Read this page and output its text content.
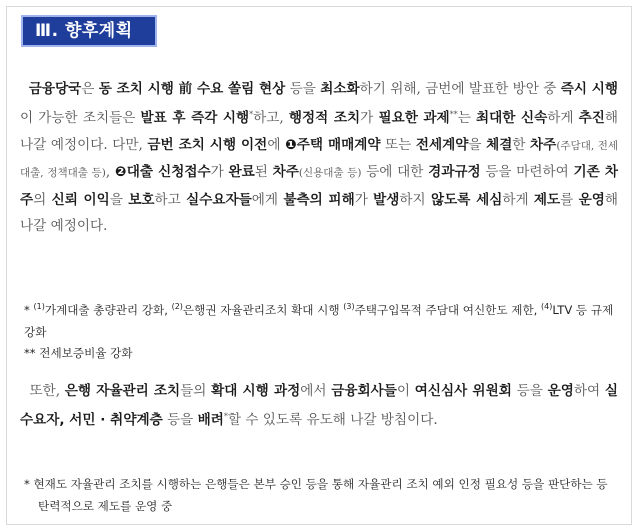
Ⅲ. 향후계획
금융당국은 동 조치 시행 前 수요 쏠림 현상 등을 최소화하기 위해, 금번에 발표한 방안 중 즉시 시행이 가능한 조치들은 발표 후 즉각 시행*하고, 행정적 조치가 필요한 과제**는 최대한 신속하게 추진해 나갈 예정이다. 다만, 금번 조치 시행 이전에 ❶주택 매매계약 또는 전세계약을 체결한 차주(주담대, 전세대출, 정책대출 등), ❷대출 신청접수가 완료된 차주(신용대출 등) 등에 대한 경과규정 등을 마련하여 기존 차주의 신뢰 이익을 보호하고 실수요자들에게 불측의 피해가 발생하지 않도록 세심하게 제도를 운영해 나갈 예정이다.
* $^{(1)}$가계대출 총량관리 강화, $^{(2)}$은행권 자율관리조치 확대 시행 $^{(3)}$주택구입목적 주담대 여신한도 제한, $^{(4)}$LTV 등 규제 강화
** 전세보증비율 강화
또한, 은행 자율관리 조치들의 확대 시행 과정에서 금융회사들이 여신심사 위원회 등을 운영하여 실수요자, 서민 · 취약계층 등을 배려*할 수 있도록 유도해 나갈 방침이다.
* 현재도 자율관리 조치를 시행하는 은행들은 본부 승인 등을 통해 자율관리 조치 예외 인정 필요성 등을 판단하는 등 탄력적으로 제도를 운영 중
